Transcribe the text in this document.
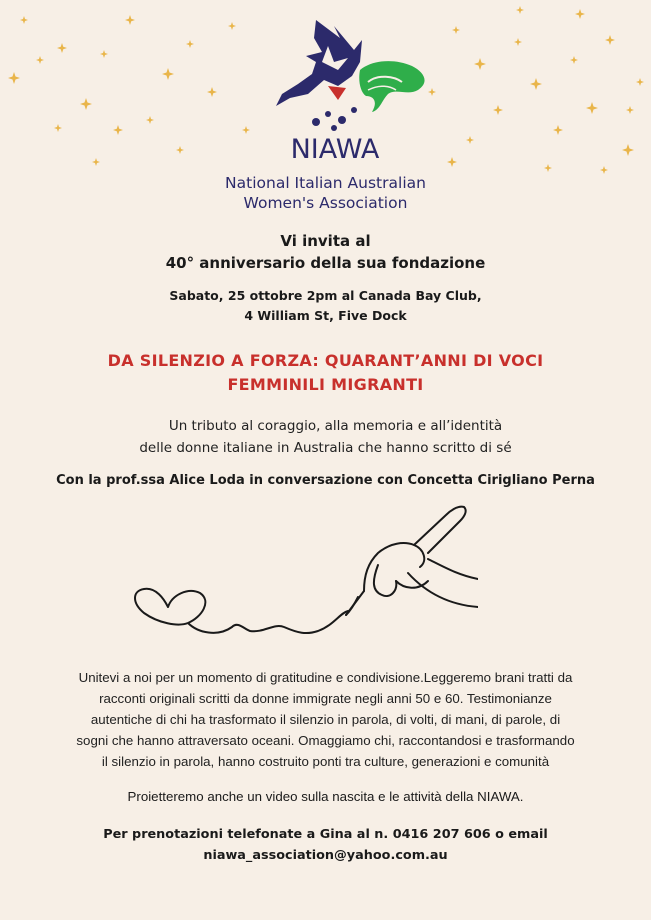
NIAWA
National Italian Australian
Women's Association
Vi invita al
40° anniversario della sua fondazione
Sabato, 25 ottobre 2pm al Canada Bay Club,
4 William St, Five Dock
DA SILENZIO A FORZA: QUARANT’ANNI DI VOCI
FEMMINILI MIGRANTI
Un tributo al coraggio, alla memoria e all’identità
delle donne italiane in Australia che hanno scritto di sé
Con la prof.ssa Alice Loda in conversazione con Concetta Cirigliano Perna
Unitevi a noi per un momento di gratitudine e condivisione.Leggeremo brani tratti da
racconti originali scritti da donne immigrate negli anni 50 e 60. Testimonianze
autentiche di chi ha trasformato il silenzio in parola, di volti, di mani, di parole, di
sogni che hanno attraversato oceani. Omaggiamo chi, raccontandosi e trasformando
il silenzio in parola, hanno costruito ponti tra culture, generazioni e comunità
Proietteremo anche un video sulla nascita e le attività della NIAWA.
Per prenotazioni telefonate a Gina al n. 0416 207 606 o email
niawa_association@yahoo.com.au
